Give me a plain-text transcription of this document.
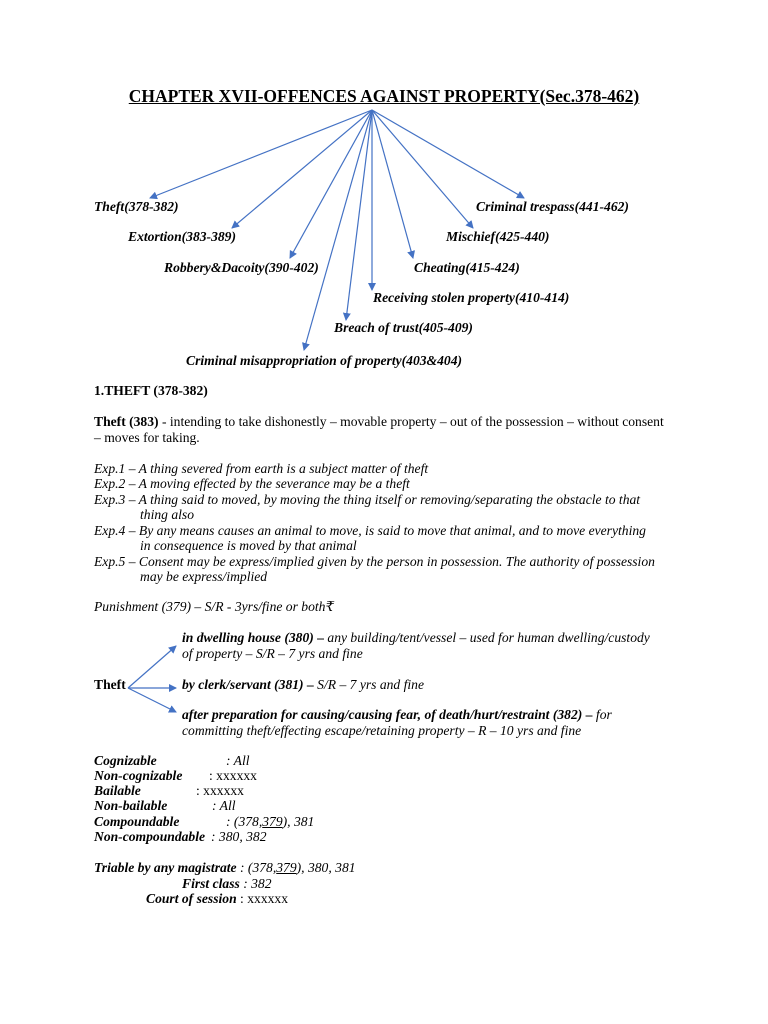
CHAPTER XVII-OFFENCES AGAINST PROPERTY(Sec.378-462)
Theft(378-382)
Extortion(383-389)
Robbery&Dacoity(390-402)
Criminal trespass(441-462)
Mischief(425-440)
Cheating(415-424)
Receiving stolen property(410-414)
Breach of trust(405-409)
Criminal misappropriation of property(403&404)
1.THEFT (378-382)
Theft (383) - intending to take dishonestly – movable property – out of the possession – without consent
– moves for taking.
Exp.1 – A thing severed from earth is a subject matter of theft
Exp.2 – A moving effected by the severance may be a theft
Exp.3 – A thing said to moved, by moving the thing itself or removing/separating the obstacle to that
thing also
Exp.4 – By any means causes an animal to move, is said to move that animal, and to move everything
in consequence is moved by that animal
Exp.5 – Consent may be express/implied given by the person in possession. The authority of possession
may be express/implied
Punishment (379) – S/R - 3yrs/fine or both₹
Theft
in dwelling house (380) – any building/tent/vessel – used for human dwelling/custody
of property – S/R – 7 yrs and fine
by clerk/servant (381) – S/R – 7 yrs and fine
after preparation for causing/causing fear, of death/hurt/restraint (382) – for
committing theft/effecting escape/retaining property – R – 10 yrs and fine
Cognizable	: All
Non-cognizable : xxxxxx
Bailable	: xxxxxx
Non-bailable	: All
Compoundable	: (378,379), 381
Non-compoundable : 380, 382
Triable by any magistrate : (378,379), 380, 381
First class : 382
Court of session : xxxxxx
